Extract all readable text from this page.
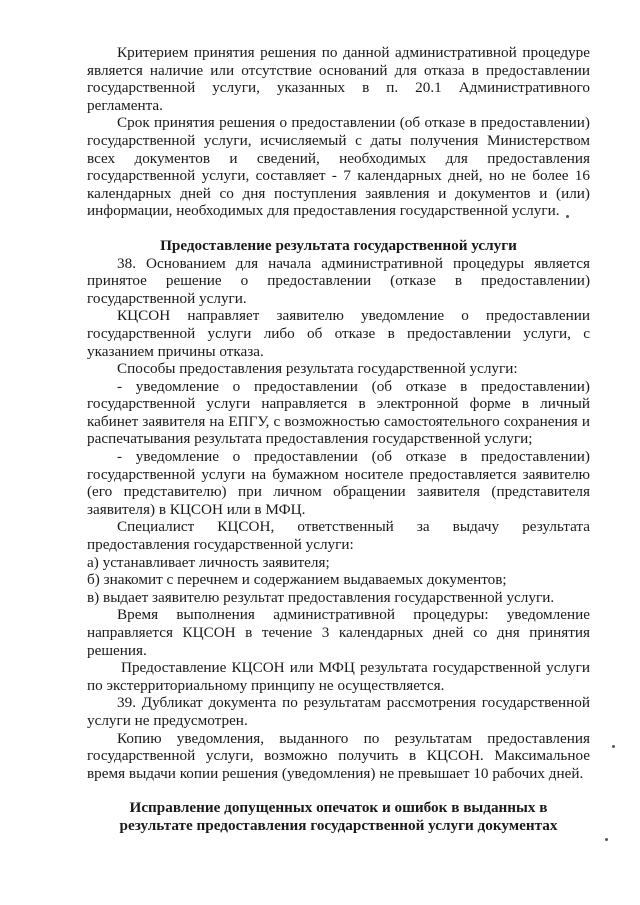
Критерием принятия решения по данной административной процедуре является наличие или отсутствие оснований для отказа в предоставлении государственной услуги, указанных в п. 20.1 Административного регламента.

Срок принятия решения о предоставлении (об отказе в предоставлении) государственной услуги, исчисляемый с даты получения Министерством всех документов и сведений, необходимых для предоставления государственной услуги, составляет - 7 календарных дней, но не более 16 календарных дней со дня поступления заявления и документов и (или) информации, необходимых для предоставления государственной услуги.

Предоставление результата государственной услуги

38. Основанием для начала административной процедуры является принятое решение о предоставлении (отказе в предоставлении) государственной услуги.

КЦСОН направляет заявителю уведомление о предоставлении государственной услуги либо об отказе в предоставлении услуги, с указанием причины отказа.

Способы предоставления результата государственной услуги:

- уведомление о предоставлении (об отказе в предоставлении) государственной услуги направляется в электронной форме в личный кабинет заявителя на ЕПГУ, с возможностью самостоятельного сохранения и распечатывания результата предоставления государственной услуги;

- уведомление о предоставлении (об отказе в предоставлении) государственной услуги на бумажном носителе предоставляется заявителю (его представителю) при личном обращении заявителя (представителя заявителя) в КЦСОН или в МФЦ.

Специалист КЦСОН, ответственный за выдачу результата предоставления государственной услуги:

а) устанавливает личность заявителя;

б) знакомит с перечнем и содержанием выдаваемых документов;

в) выдает заявителю результат предоставления государственной услуги.

Время выполнения административной процедуры: уведомление направляется КЦСОН в течение 3 календарных дней со дня принятия решения.

Предоставление КЦСОН или МФЦ результата государственной услуги по экстерриториальному принципу не осуществляется.

39. Дубликат документа по результатам рассмотрения государственной услуги не предусмотрен.

Копию уведомления, выданного по результатам предоставления государственной услуги, возможно получить в КЦСОН. Максимальное время выдачи копии решения (уведомления) не превышает 10 рабочих дней.

Исправление допущенных опечаток и ошибок в выданных в

результате предоставления государственной услуги документах
